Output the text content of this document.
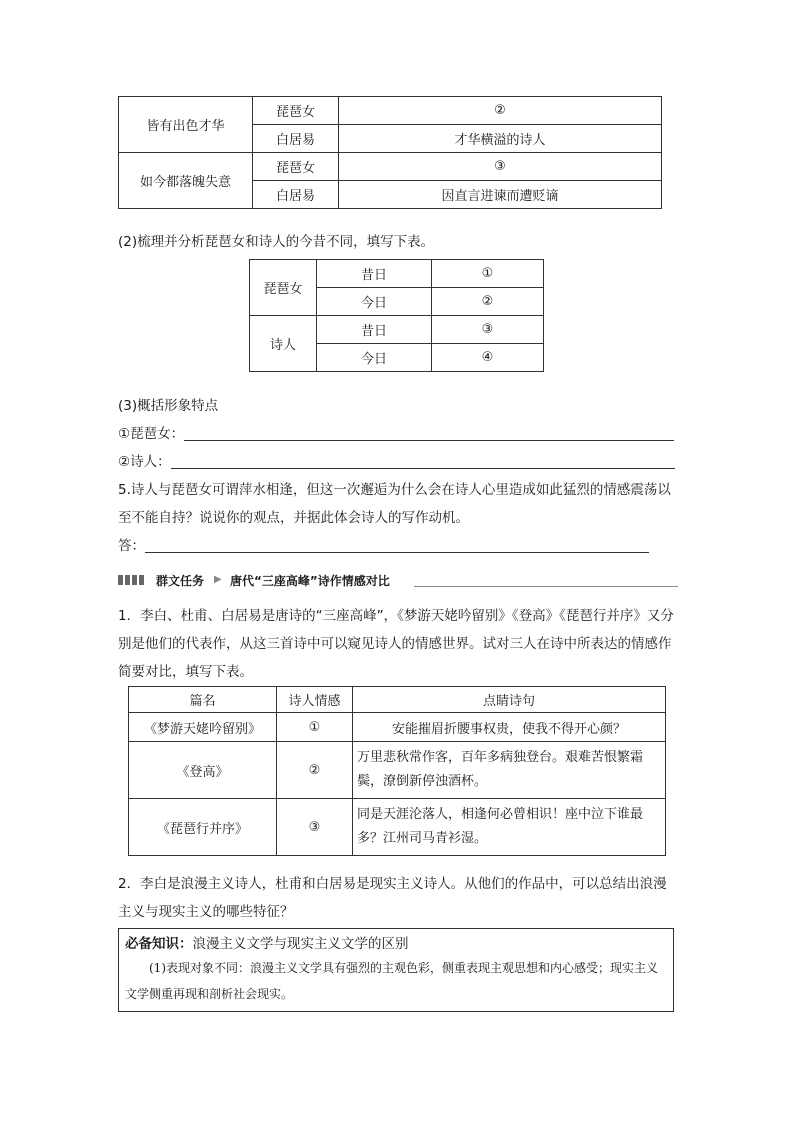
皆有出色才华	琵琶女	②
	白居易	才华横溢的诗人
如今都落魄失意	琵琶女	③
	白居易	因直言进谏而遭贬谪

(2)梳理并分析琵琶女和诗人的今昔不同，填写下表。

琵琶女	昔日	①
	今日	②
诗人	昔日	③
	今日	④

(3)概括形象特点

①琵琶女：

②诗人：

5.诗人与琵琶女可谓萍水相逢，但这一次邂逅为什么会在诗人心里造成如此猛烈的情感震荡以至不能自持？说说你的观点，并据此体会诗人的写作动机。

答：

群文任务 ▶ 唐代“三座高峰”诗作情感对比

1．李白、杜甫、白居易是唐诗的“三座高峰”，《梦游天姥吟留别》《登高》《琵琶行并序》又分别是他们的代表作，从这三首诗中可以窥见诗人的情感世界。试对三人在诗中所表达的情感作简要对比，填写下表。

篇名	诗人情感	点睛诗句
《梦游天姥吟留别》	①	安能摧眉折腰事权贵，使我不得开心颜？
《登高》	②	万里悲秋常作客，百年多病独登台。艰难苦恨繁霜鬓，潦倒新停浊酒杯。
《琵琶行并序》	③	同是天涯沦落人，相逢何必曾相识！座中泣下谁最多？江州司马青衫湿。

2．李白是浪漫主义诗人，杜甫和白居易是现实主义诗人。从他们的作品中，可以总结出浪漫主义与现实主义的哪些特征？

必备知识：浪漫主义文学与现实主义文学的区别

(1)表现对象不同：浪漫主义文学具有强烈的主观色彩，侧重表现主观思想和内心感受；现实主义文学侧重再现和剖析社会现实。
